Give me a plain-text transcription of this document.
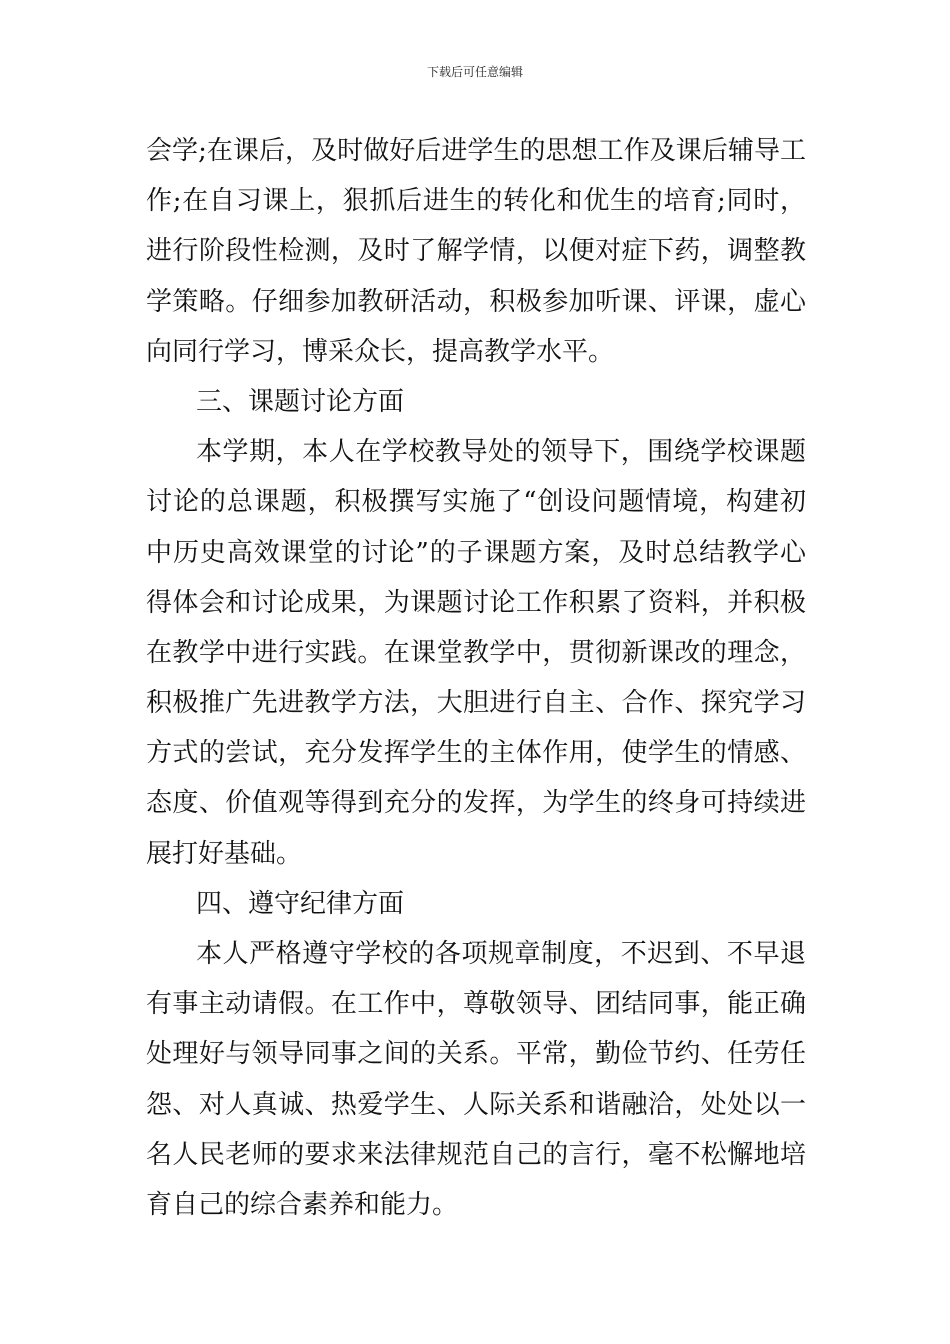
下载后可任意编辑
会学;在课后，及时做好后进学生的思想工作及课后辅导工
作;在自习课上，狠抓后进生的转化和优生的培育;同时，
进行阶段性检测，及时了解学情，以便对症下药，调整教
学策略。仔细参加教研活动，积极参加听课、评课，虚心
向同行学习，博采众长，提高教学水平。
三、课题讨论方面
本学期，本人在学校教导处的领导下，围绕学校课题
讨论的总课题，积极撰写实施了“创设问题情境，构建初
中历史高效课堂的讨论”的子课题方案，及时总结教学心
得体会和讨论成果，为课题讨论工作积累了资料，并积极
在教学中进行实践。在课堂教学中，贯彻新课改的理念，
积极推广先进教学方法，大胆进行自主、合作、探究学习
方式的尝试，充分发挥学生的主体作用，使学生的情感、
态度、价值观等得到充分的发挥，为学生的终身可持续进
展打好基础。
四、遵守纪律方面
本人严格遵守学校的各项规章制度，不迟到、不早退
有事主动请假。在工作中，尊敬领导、团结同事，能正确
处理好与领导同事之间的关系。平常，勤俭节约、任劳任
怨、对人真诚、热爱学生、人际关系和谐融洽，处处以一
名人民老师的要求来法律规范自己的言行，毫不松懈地培
育自己的综合素养和能力。
